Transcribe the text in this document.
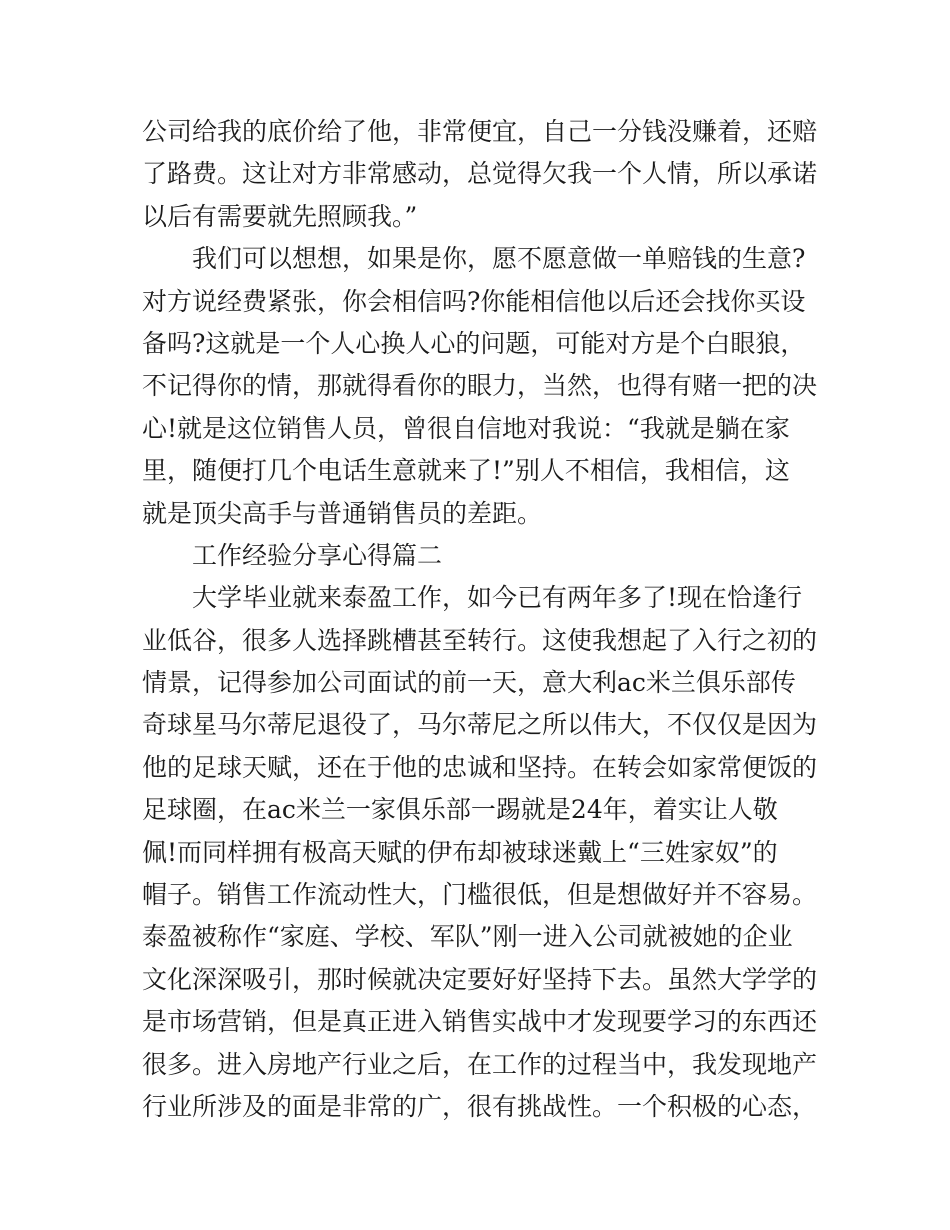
公司给我的底价给了他，非常便宜，自己一分钱没赚着，还赔
了路费。这让对方非常感动，总觉得欠我一个人情，所以承诺
以后有需要就先照顾我。”
我们可以想想，如果是你，愿不愿意做一单赔钱的生意?
对方说经费紧张，你会相信吗?你能相信他以后还会找你买设
备吗?这就是一个人心换人心的问题，可能对方是个白眼狼，
不记得你的情，那就得看你的眼力，当然，也得有赌一把的决
心!就是这位销售人员，曾很自信地对我说：“我就是躺在家
里，随便打几个电话生意就来了!”别人不相信，我相信，这
就是顶尖高手与普通销售员的差距。
工作经验分享心得篇二
大学毕业就来泰盈工作，如今已有两年多了!现在恰逢行
业低谷，很多人选择跳槽甚至转行。这使我想起了入行之初的
情景，记得参加公司面试的前一天，意大利ac米兰俱乐部传
奇球星马尔蒂尼退役了，马尔蒂尼之所以伟大，不仅仅是因为
他的足球天赋，还在于他的忠诚和坚持。在转会如家常便饭的
足球圈，在ac米兰一家俱乐部一踢就是24年，着实让人敬
佩!而同样拥有极高天赋的伊布却被球迷戴上“三姓家奴”的
帽子。销售工作流动性大，门槛很低，但是想做好并不容易。
泰盈被称作“家庭、学校、军队”刚一进入公司就被她的企业
文化深深吸引，那时候就决定要好好坚持下去。虽然大学学的
是市场营销，但是真正进入销售实战中才发现要学习的东西还
很多。进入房地产行业之后，在工作的过程当中，我发现地产
行业所涉及的面是非常的广，很有挑战性。一个积极的心态，
